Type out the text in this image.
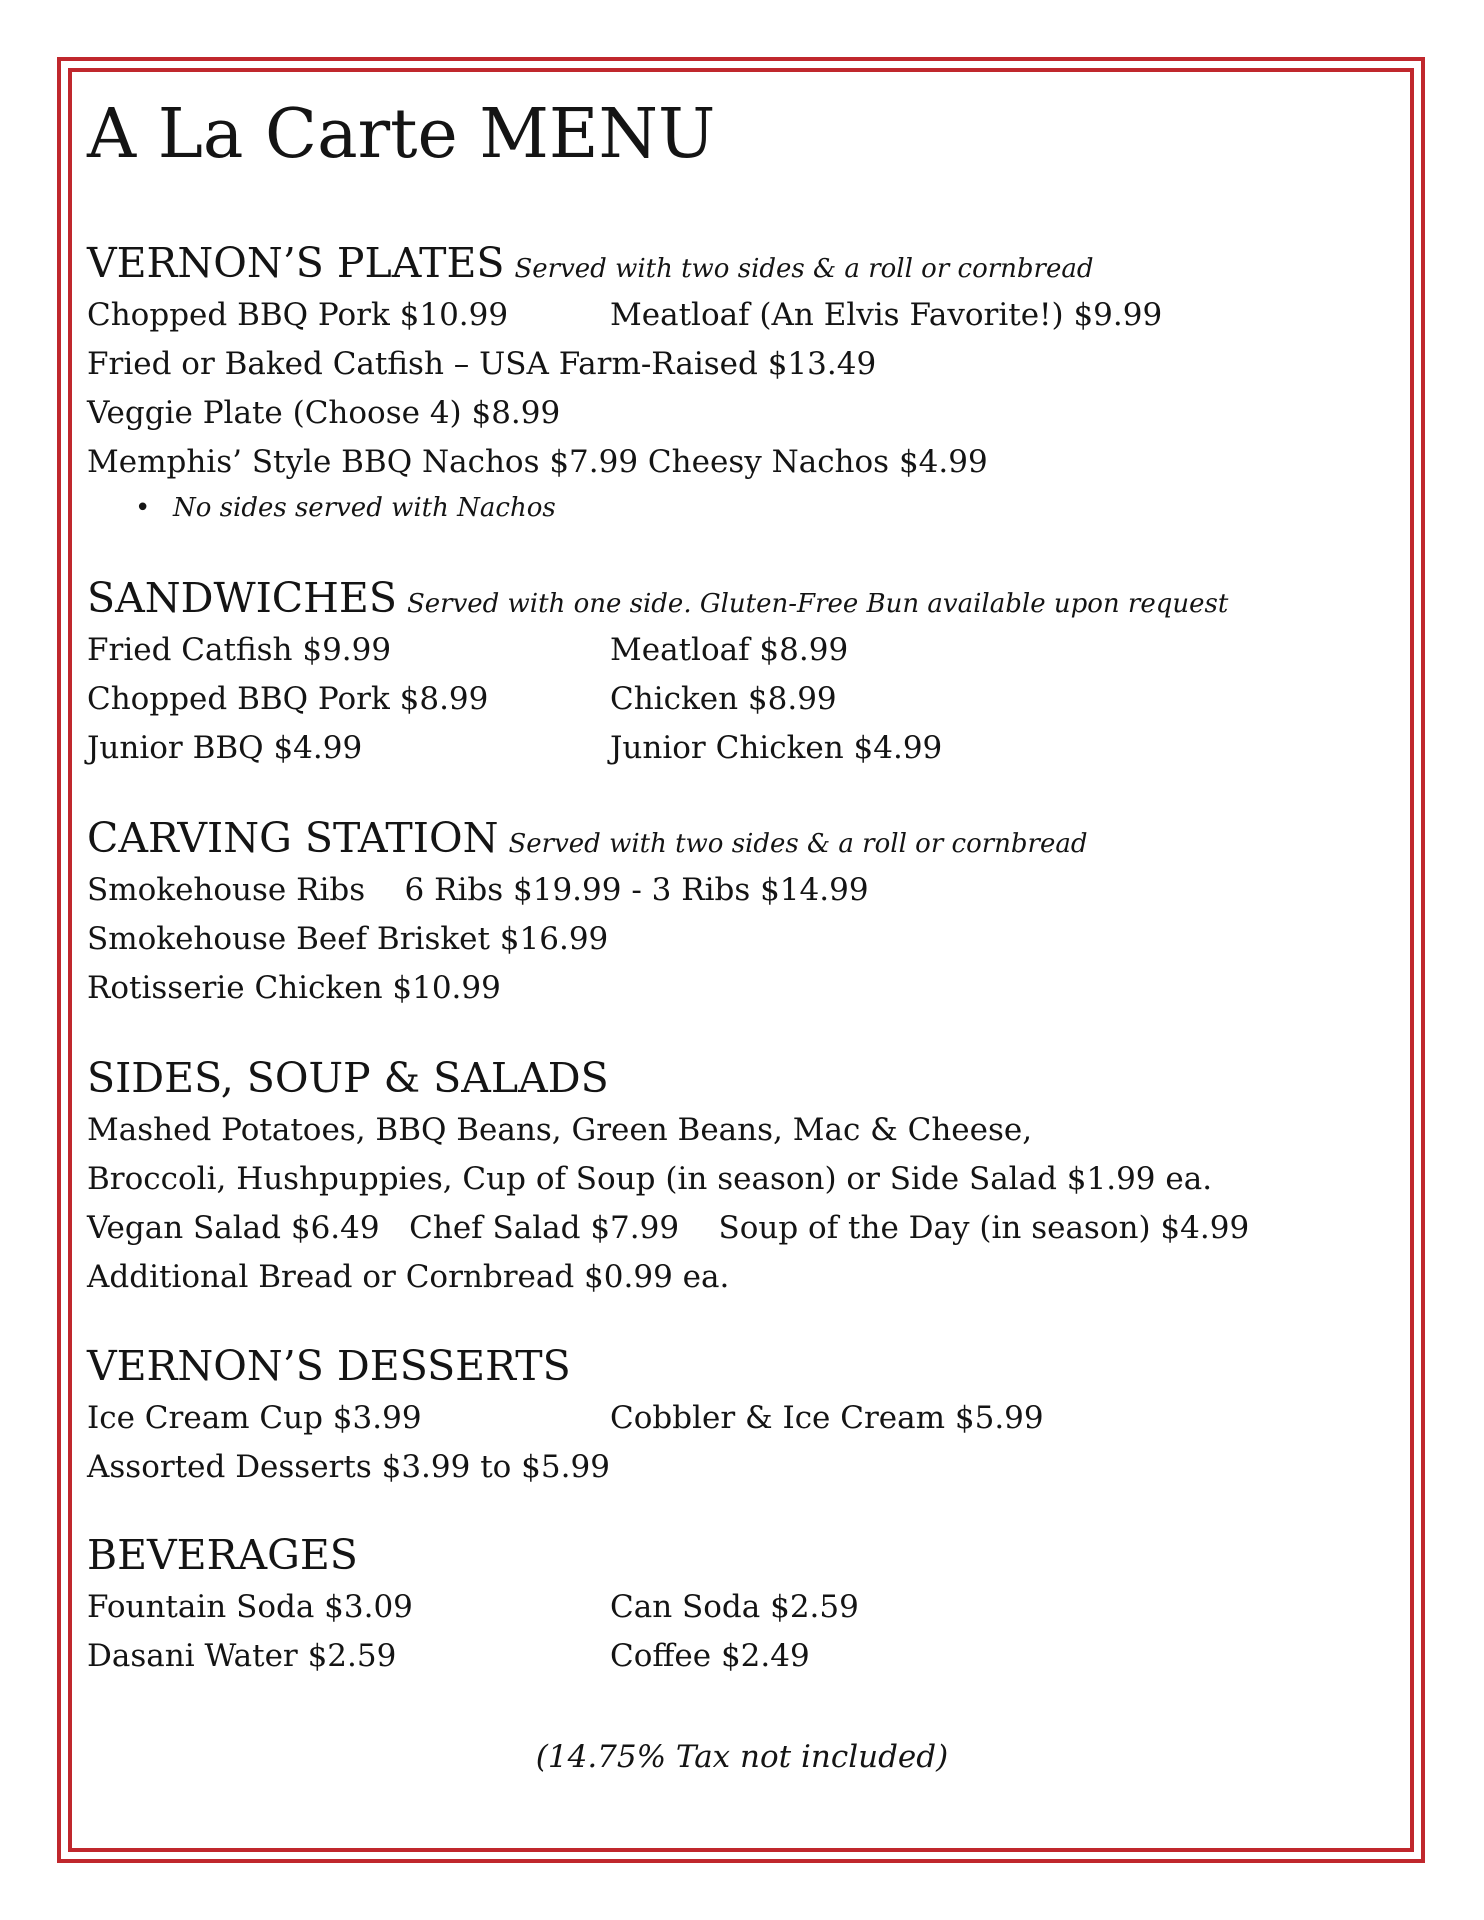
A La Carte MENU
VERNON’S PLATES Served with two sides & a roll or cornbread
Chopped BBQ Pork $10.99	Meatloaf (An Elvis Favorite!) $9.99
Fried or Baked Catfish – USA Farm-Raised $13.49
Veggie Plate (Choose 4) $8.99
Memphis’ Style BBQ Nachos $7.99 Cheesy Nachos $4.99
• No sides served with Nachos
SANDWICHES Served with one side. Gluten-Free Bun available upon request
Fried Catfish $9.99	Meatloaf $8.99
Chopped BBQ Pork $8.99	Chicken $8.99
Junior BBQ $4.99	Junior Chicken $4.99
CARVING STATION Served with two sides & a roll or cornbread
Smokehouse Ribs    6 Ribs $19.99 - 3 Ribs $14.99
Smokehouse Beef Brisket $16.99
Rotisserie Chicken $10.99
SIDES, SOUP & SALADS
Mashed Potatoes, BBQ Beans, Green Beans, Mac & Cheese,
Broccoli, Hushpuppies, Cup of Soup (in season) or Side Salad $1.99 ea.
Vegan Salad $6.49   Chef Salad $7.99    Soup of the Day (in season) $4.99
Additional Bread or Cornbread $0.99 ea.
VERNON’S DESSERTS
Ice Cream Cup $3.99	Cobbler & Ice Cream $5.99
Assorted Desserts $3.99 to $5.99
BEVERAGES
Fountain Soda $3.09	Can Soda $2.59
Dasani Water $2.59	Coffee $2.49
(14.75% Tax not included)
